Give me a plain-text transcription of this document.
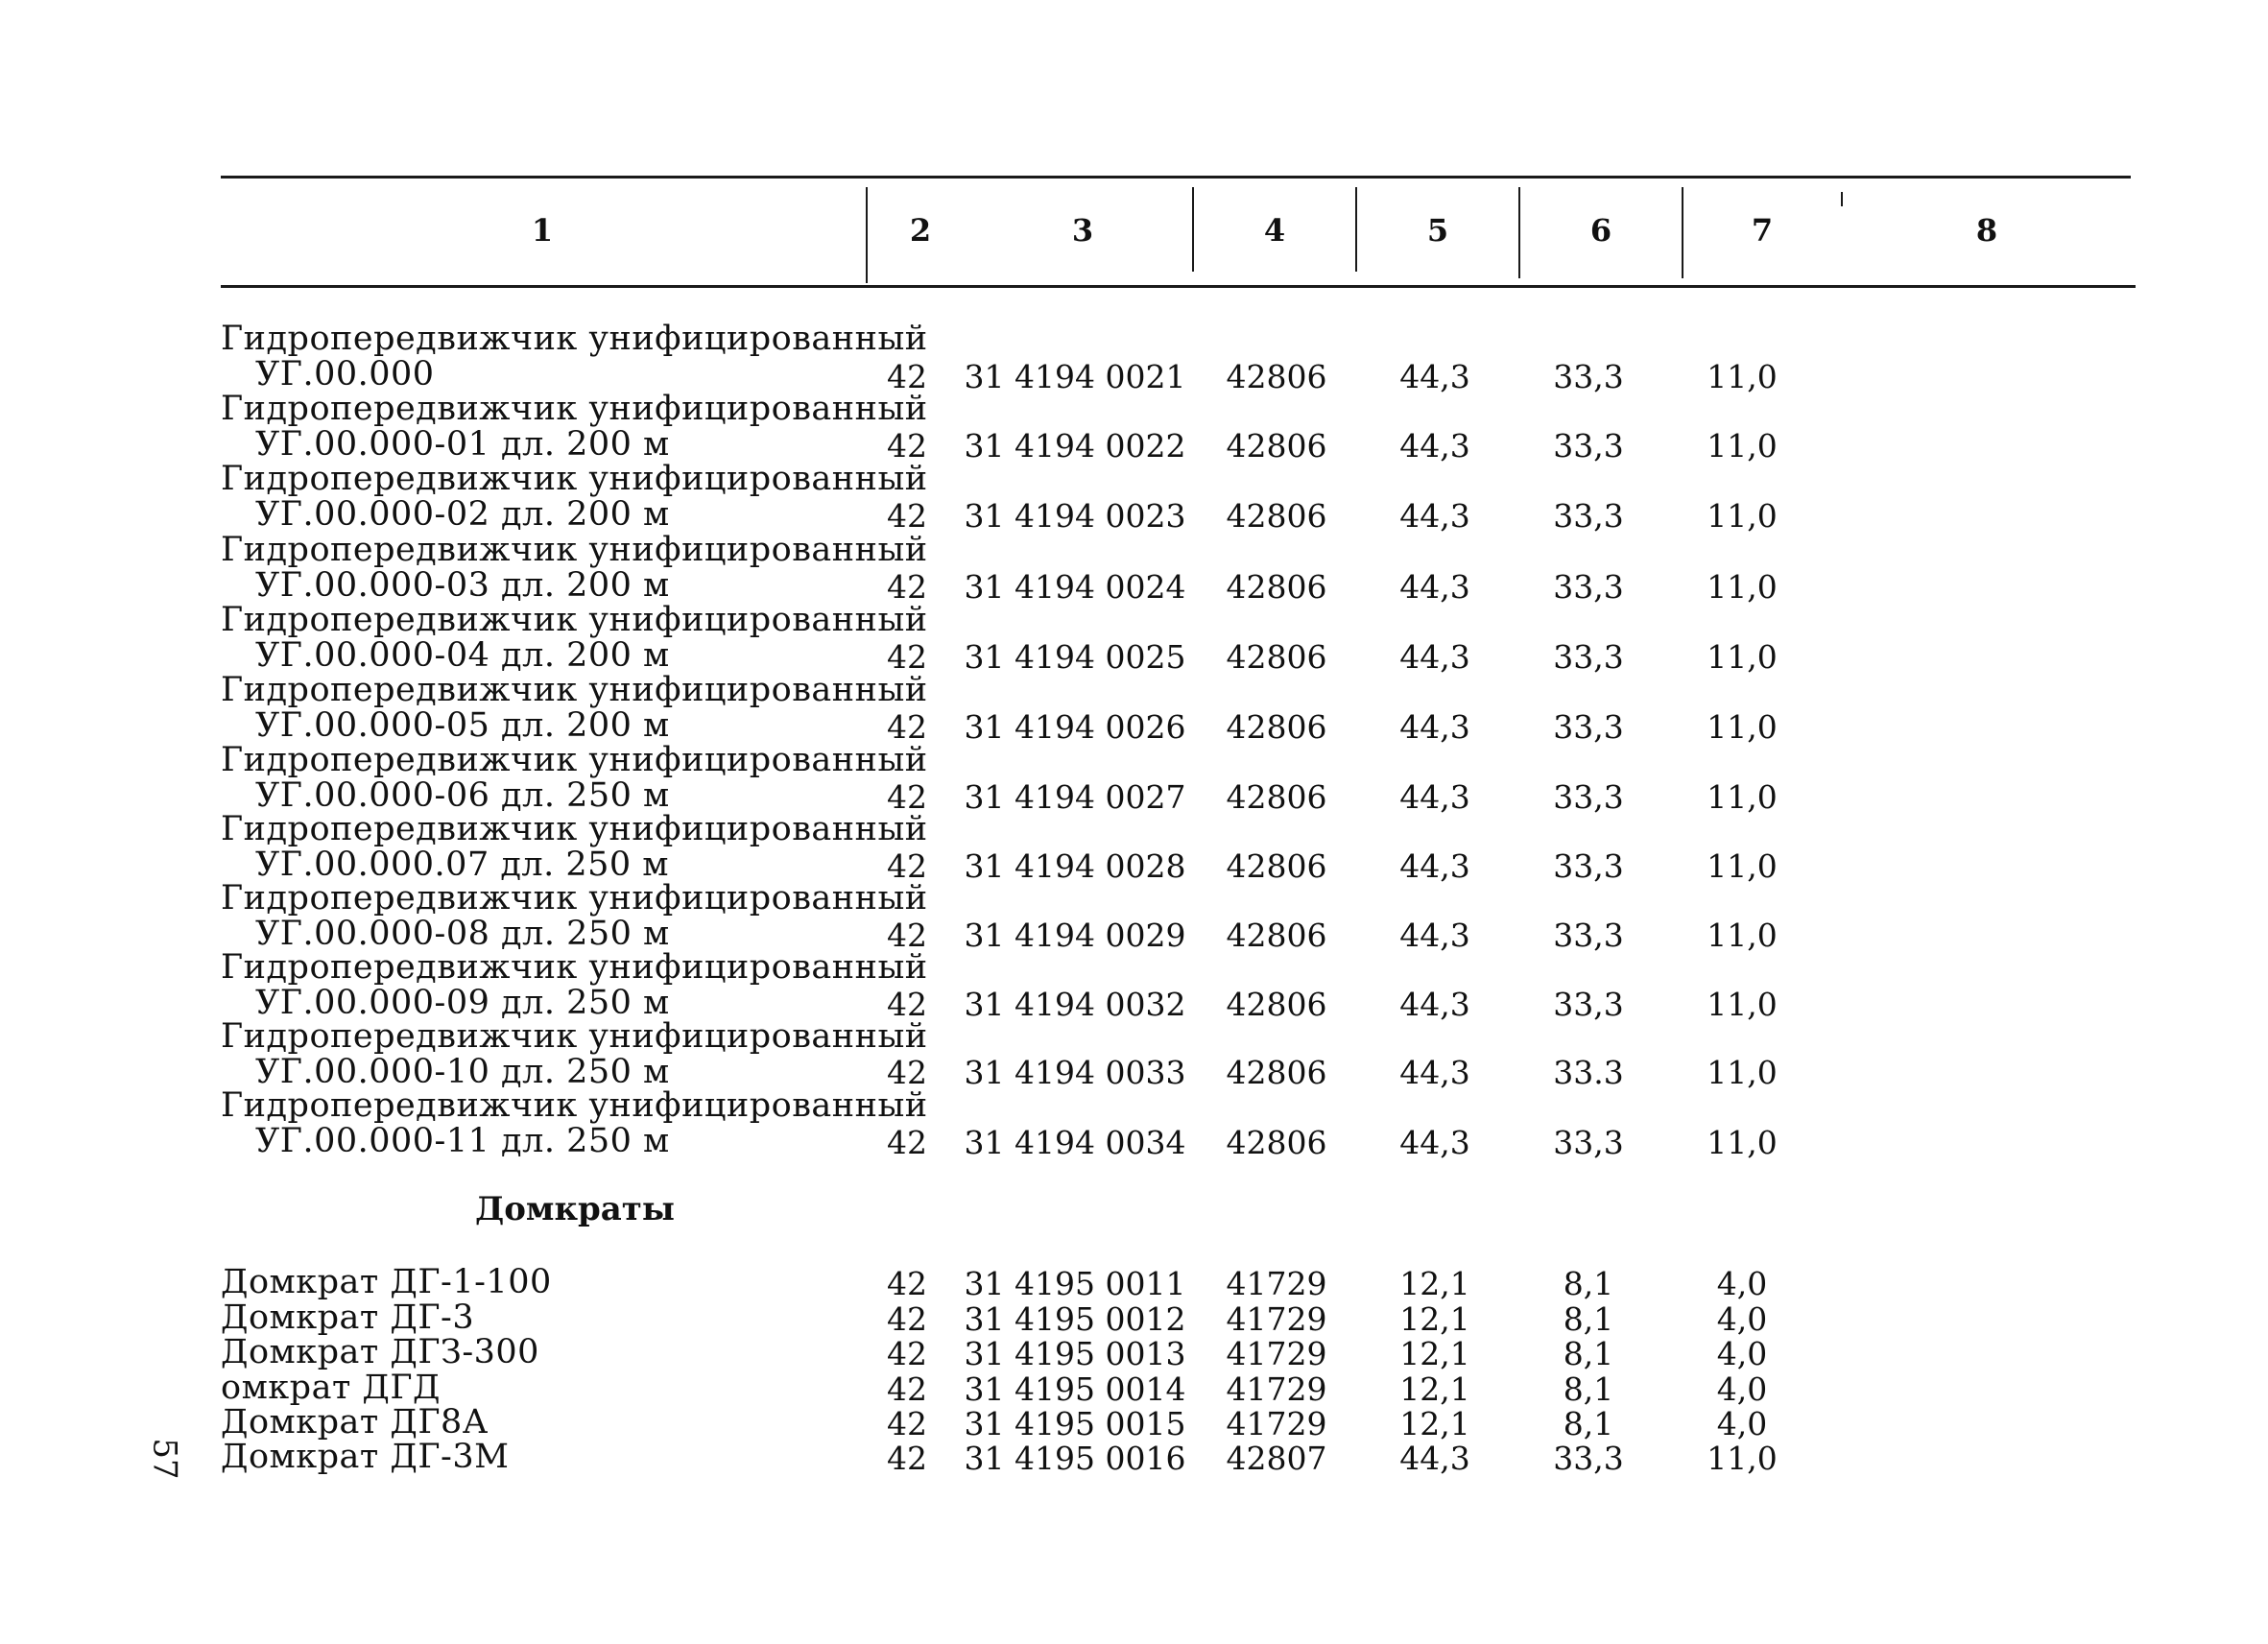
1	2	3	4	5	6	7	8
Гидропередвижчик унифицированный
УГ.00.000	42	31 4194 0021	42806	44,3	33,3	11,0
Гидропередвижчик унифицированный
УГ.00.000-01 дл. 200 м	42	31 4194 0022	42806	44,3	33,3	11,0
Гидропередвижчик унифицированный
УГ.00.000-02 дл. 200 м	42	31 4194 0023	42806	44,3	33,3	11,0
Гидропередвижчик унифицированный
УГ.00.000-03 дл. 200 м	42	31 4194 0024	42806	44,3	33,3	11,0
Гидропередвижчик унифицированный
УГ.00.000-04 дл. 200 м	42	31 4194 0025	42806	44,3	33,3	11,0
Гидропередвижчик унифицированный
УГ.00.000-05 дл. 200 м	42	31 4194 0026	42806	44,3	33,3	11,0
Гидропередвижчик унифицированный
УГ.00.000-06 дл. 250 м	42	31 4194 0027	42806	44,3	33,3	11,0
Гидропередвижчик унифицированный
УГ.00.000.07 дл. 250 м	42	31 4194 0028	42806	44,3	33,3	11,0
Гидропередвижчик унифицированный
УГ.00.000-08 дл. 250 м	42	31 4194 0029	42806	44,3	33,3	11,0
Гидропередвижчик унифицированный
УГ.00.000-09 дл. 250 м	42	31 4194 0032	42806	44,3	33,3	11,0
Гидропередвижчик унифицированный
УГ.00.000-10 дл. 250 м	42	31 4194 0033	42806	44,3	33.3	11,0
Гидропередвижчик унифицированный
УГ.00.000-11 дл. 250 м	42	31 4194 0034	42806	44,3	33,3	11,0
Домкраты
Домкрат ДГ-1-100	42	31 4195 0011	41729	12,1	8,1	4,0
Домкрат ДГ-3	42	31 4195 0012	41729	12,1	8,1	4,0
Домкрат ДГЗ-300	42	31 4195 0013	41729	12,1	8,1	4,0
омкрат ДГД	42	31 4195 0014	41729	12,1	8,1	4,0
Домкрат ДГ8А	42	31 4195 0015	41729	12,1	8,1	4,0
Домкрат ДГ-3М	42	31 4195 0016	42807	44,3	33,3	11,0
57
